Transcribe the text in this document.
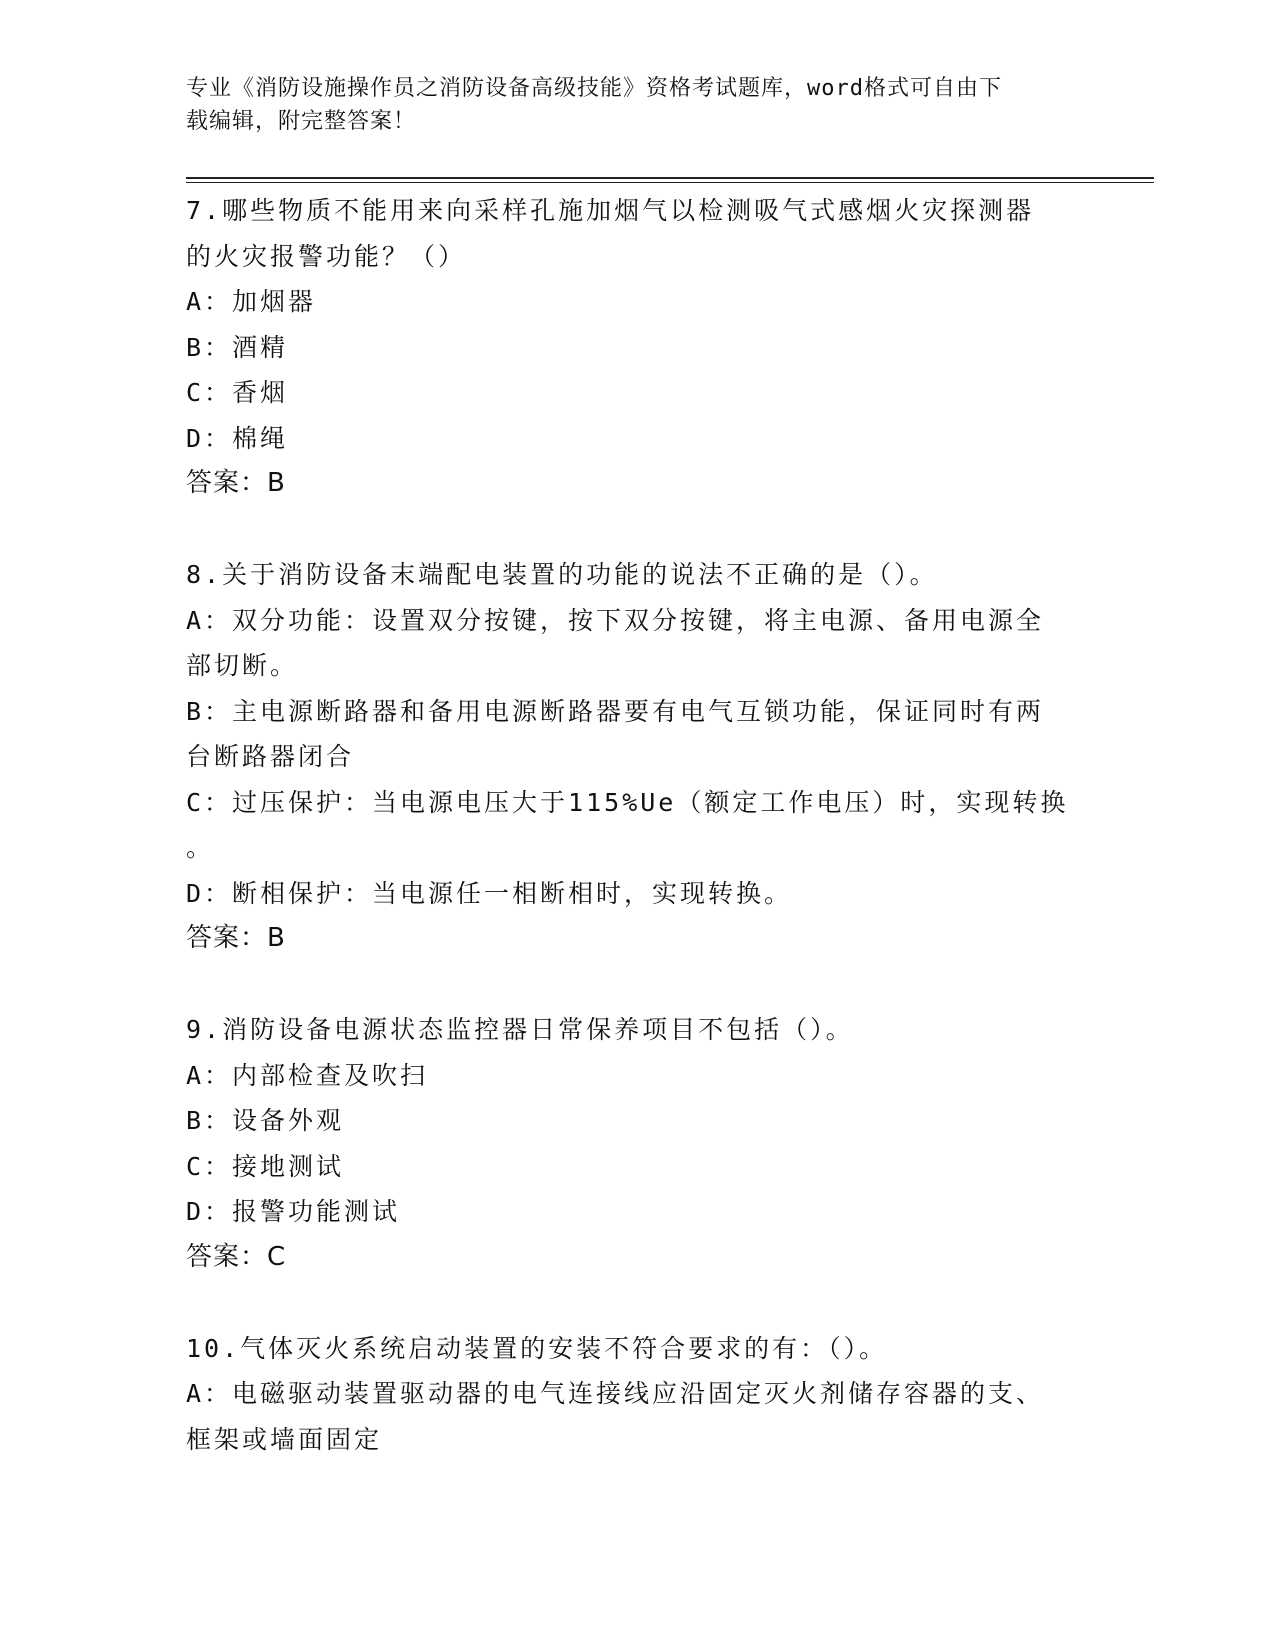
专业《消防设施操作员之消防设备高级技能》资格考试题库，word格式可自由下
载编辑，附完整答案！
7.哪些物质不能用来向采样孔施加烟气以检测吸气式感烟火灾探测器
的火灾报警功能？（）
A：加烟器
B：酒精
C：香烟
D：棉绳
答案：B
8.关于消防设备末端配电装置的功能的说法不正确的是（）。
A：双分功能：设置双分按键，按下双分按键，将主电源、备用电源全
部切断。
B：主电源断路器和备用电源断路器要有电气互锁功能，保证同时有两
台断路器闭合
C：过压保护：当电源电压大于115%Ue（额定工作电压）时，实现转换
。
D：断相保护：当电源任一相断相时，实现转换。
答案：B
9.消防设备电源状态监控器日常保养项目不包括（）。
A：内部检查及吹扫
B：设备外观
C：接地测试
D：报警功能测试
答案：C
10.气体灭火系统启动装置的安装不符合要求的有：（）。
A：电磁驱动装置驱动器的电气连接线应沿固定灭火剂储存容器的支、
框架或墙面固定
